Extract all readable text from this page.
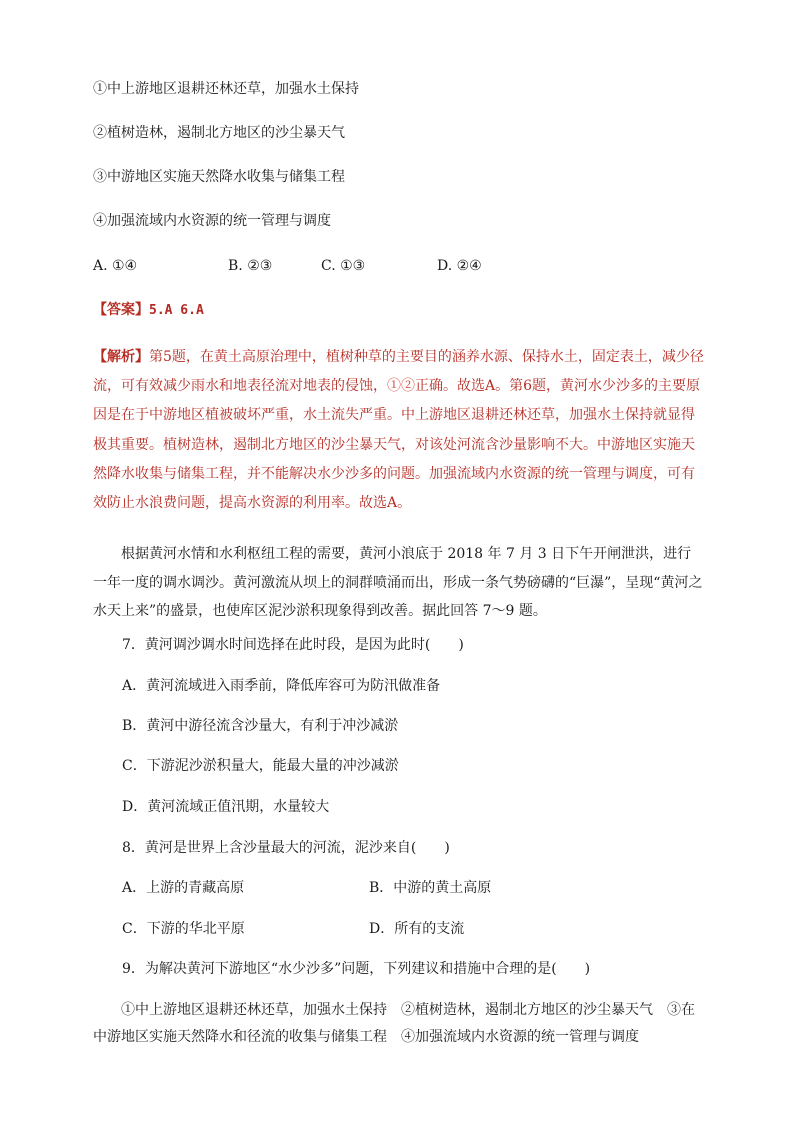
①中上游地区退耕还林还草，加强水土保持
②植树造林，遏制北方地区的沙尘暴天气
③中游地区实施天然降水收集与储集工程
④加强流域内水资源的统一管理与调度
A. ①④	B. ②③	C. ①③	D. ②④
【答案】5.A 6.A
【解析】第5题，在黄土高原治理中，植树种草的主要目的涵养水源、保持水土，固定表土，减少径流，可有效减少雨水和地表径流对地表的侵蚀，①②正确。故选A。第6题，黄河水少沙多的主要原因是在于中游地区植被破坏严重，水土流失严重。中上游地区退耕还林还草，加强水土保持就显得极其重要。植树造林，遏制北方地区的沙尘暴天气，对该处河流含沙量影响不大。中游地区实施天然降水收集与储集工程，并不能解决水少沙多的问题。加强流域内水资源的统一管理与调度，可有效防止水浪费问题，提高水资源的利用率。故选A。
根据黄河水情和水利枢纽工程的需要，黄河小浪底于 2018 年 7 月 3 日下午开闸泄洪，进行一年一度的调水调沙。黄河激流从坝上的洞群喷涌而出，形成一条气势磅礴的“巨瀑”，呈现“黄河之水天上来”的盛景，也使库区泥沙淤积现象得到改善。据此回答 7～9 题。
7．黄河调沙调水时间选择在此时段，是因为此时(　　)
A．黄河流域进入雨季前，降低库容可为防汛做准备
B．黄河中游径流含沙量大，有利于冲沙减淤
C．下游泥沙淤积量大，能最大量的冲沙减淤
D．黄河流域正值汛期，水量较大
8．黄河是世界上含沙量最大的河流，泥沙来自(　　)
A．上游的青藏高原	B．中游的黄土高原
C．下游的华北平原	D．所有的支流
9．为解决黄河下游地区“水少沙多”问题，下列建议和措施中合理的是(　　)
①中上游地区退耕还林还草，加强水土保持　②植树造林，遏制北方地区的沙尘暴天气　③在中游地区实施天然降水和径流的收集与储集工程　④加强流域内水资源的统一管理与调度
